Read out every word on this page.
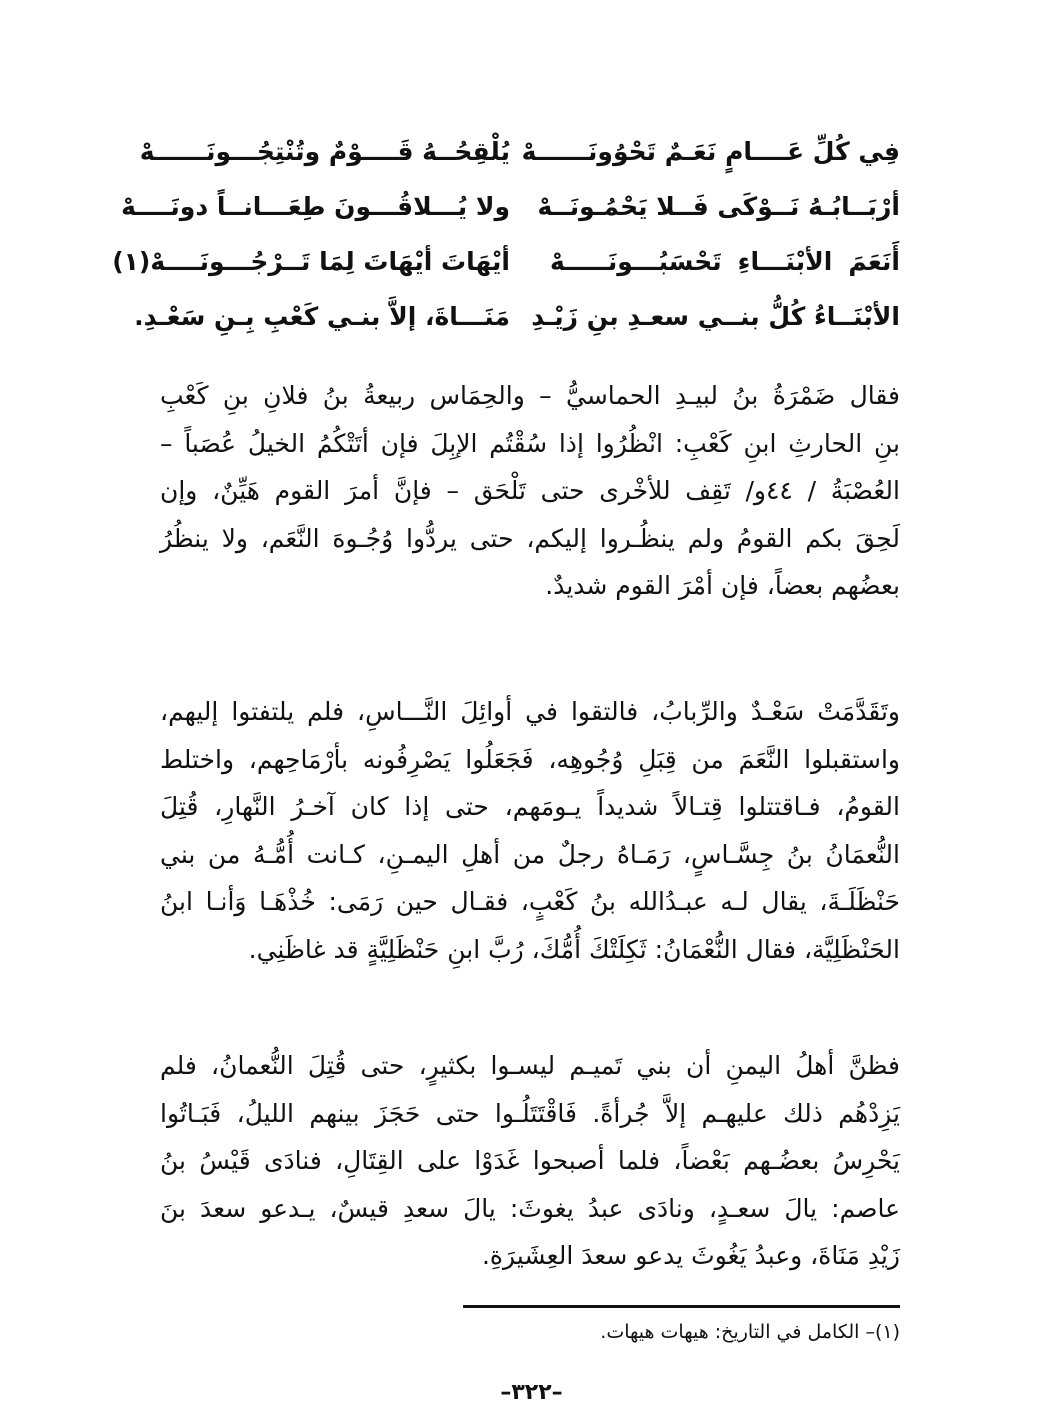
فِي كُلِّ عَــــامٍ نَعَـمٌ تَحْوُونَــــــهْ
يُلْقِحُــهُ قَــــوْمٌ وتُنْتِجُـــونَــــــهْ
أرْبَــابُـهُ نَــوْكَى فَــلا يَحْمُـونَــهْ
ولا يُـــلاقُـــونَ طِعَـــانــاً دونَــــهْ
أَنَعَمَ الأبْنَـــاءِ تَحْسَبُـــونَـــــهْ
أيْهَاتَ أيْهَاتَ لِمَا تَــرْجُـــونَــــهْ(١)
الأبْنَــاءُ كُلُّ بنــي سعـدِ بنِ زَيْـدِ
مَنَـــاةَ، إلاَّ بنـي كَعْبِ بِـنِ سَعْـدِ.
فقال ضَمْرَةُ بنُ لبيـدِ الحماسيُّ – والحِمَاس ربيعةُ بنُ فلانِ بنِ كَعْبِ
بنِ الحارثِ ابنِ كَعْبِ: انْظُرُوا إذا سُقْتُم الإبِلَ فإن أتَتْكُمُ الخيلُ عُصَباً –
العُصْبَةُ / ٤٤و/ تَقِف للأخْرى حتى تَلْحَق – فإنَّ أمرَ القوم هَيِّنٌ، وإن
لَحِقَ بكم القومُ ولم ينظُـروا إليكم، حتى يردُّوا وُجُـوهَ النَّعَم، ولا ينظُرُ
بعضُهم بعضاً، فإن أمْرَ القوم شديدٌ.
وتَقَدَّمَتْ سَعْـدٌ والرِّبابُ، فالتقوا في أوائِلَ النَّـــاسِ، فلم يلتفتوا إليهم،
واستقبلوا النَّعَمَ من قِبَلِ وُجُوهِه، فَجَعَلُوا يَصْرِفُونه بأرْمَاحِهم، واختلط
القومُ، فـاقتتلوا قِتـالاً شديداً يـومَهم، حتى إذا كان آخـرُ النَّهارِ، قُتِلَ
النُّعمَانُ بنُ جِسَّـاسٍ، رَمَـاهُ رجلٌ من أهلِ اليمـنِ، كـانت أُمُّـهُ من بني
حَنْظَلَـةَ، يقال لـه عبـدُالله بنُ كَعْبٍ، فقـال حين رَمَى: خُذْهَـا وَأنـا ابنُ
الحَنْظَلِيَّة، فقال النُّعْمَانُ: ثَكِلَتْكَ أُمُّكَ، رُبَّ ابنِ حَنْظَلِيَّةٍ قد غاظَنِي.
فظنَّ أهلُ اليمنِ أن بني تَميـم ليسـوا بكثيرٍ، حتى قُتِلَ النُّعمانُ، فلم
يَزِدْهُم ذلك عليهـم إلاَّ جُرأةً. فَاقْتَتَلُـوا حتى حَجَزَ بينهم الليلُ، فَبَـاتُوا
يَحْرِسُ بعضُـهم بَعْضاً، فلما أصبحوا غَدَوْا على القِتَالِ، فنادَى قَيْسُ بنُ
عاصم: يالَ سعـدٍ، ونادَى عبدُ يغوثَ: يالَ سعدِ قيسٌ، يـدعو سعدَ بنَ
زَيْدِ مَنَاةَ، وعبدُ يَغُوثَ يدعو سعدَ العِشَيرَةِ.
(١)– الكامل في التاريخ: هيهات هيهات.
–٣٢٢–
